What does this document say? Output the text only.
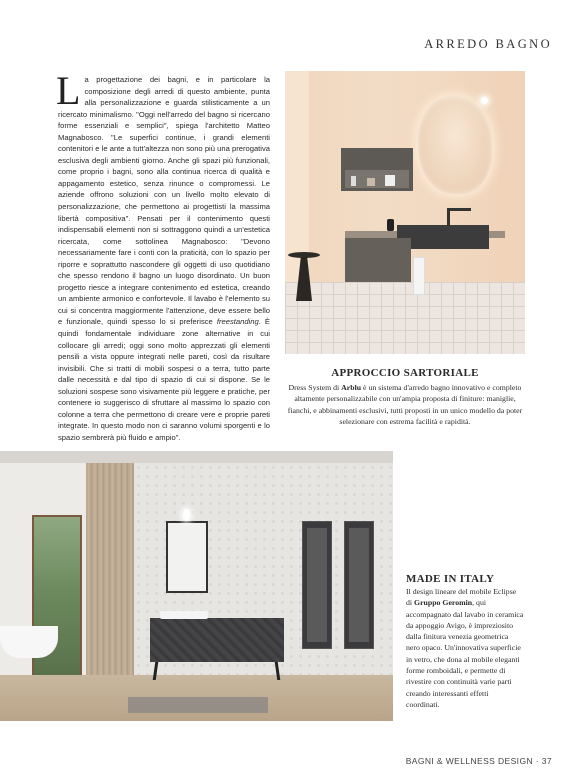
ARREDO BAGNO
La progettazione dei bagni, e in particolare la composizione degli arredi di questo ambiente, punta alla personalizzazione e guarda stilisticamente a un ricercato minimalismo. "Oggi nell'arredo del bagno si ricercano forme essenziali e semplici", spiega l'architetto Matteo Magnabosco. "Le superfici continue, i grandi elementi contenitori e le ante a tutt'altezza non sono più una prerogativa esclusiva degli ambienti giorno. Anche gli spazi più funzionali, come proprio i bagni, sono alla continua ricerca di qualità e appagamento estetico, senza rinunce o compromessi. Le aziende offrono soluzioni con un livello molto elevato di personalizzazione, che permettono ai progettisti la massima libertà compositiva". Pensati per il contenimento questi indispensabili elementi non si sottraggono quindi a un'estetica ricercata, come sottolinea Magnabosco: "Devono necessariamente fare i conti con la praticità, con lo spazio per riporre e soprattutto nascondere gli oggetti di uso quotidiano che spesso rendono il bagno un luogo disordinato. Un buon progetto riesce a integrare contenimento ed estetica, creando un ambiente armonico e confortevole. Il lavabo è l'elemento su cui si concentra maggiormente l'attenzione, deve essere bello e funzionale, quindi spesso lo si preferisce freestanding. È quindi fondamentale individuare zone alternative in cui collocare gli arredi; oggi sono molto apprezzati gli elementi pensili a vista oppure integrati nelle pareti, così da risultare invisibili. Che si tratti di mobili sospesi o a terra, tutto parte dalle necessità e dal tipo di spazio di cui si dispone. Se le soluzioni sospese sono visivamente più leggere e pratiche, per contenere io suggerisco di sfruttare al massimo lo spazio con colonne a terra che permettono di creare vere e proprie pareti integrate. In questo modo non ci saranno volumi sporgenti e lo spazio sembrerà più fluido e ampio".
APPROCCIO SARTORIALE
Dress System di Arblu è un sistema d'arredo bagno innovativo e completo altamente personalizzabile con un'ampia proposta di finiture: maniglie, fianchi, e abbinamenti esclusivi, tutti proposti in un unico modello da poter selezionare con estrema facilità e rapidità.
MADE IN ITALY
Il design lineare del mobile Eclipse di Gruppo Geromin, qui accompagnato dal lavabo in ceramica da appoggio Avigo, è impreziosito dalla finitura venezia geometrica nero opaco. Un'innovativa superficie in vetro, che dona al mobile eleganti forme romboidali, e permette di rivestire con continuità varie parti creando interessanti effetti coordinati.
BAGNI & WELLNESS DESIGN · 37
